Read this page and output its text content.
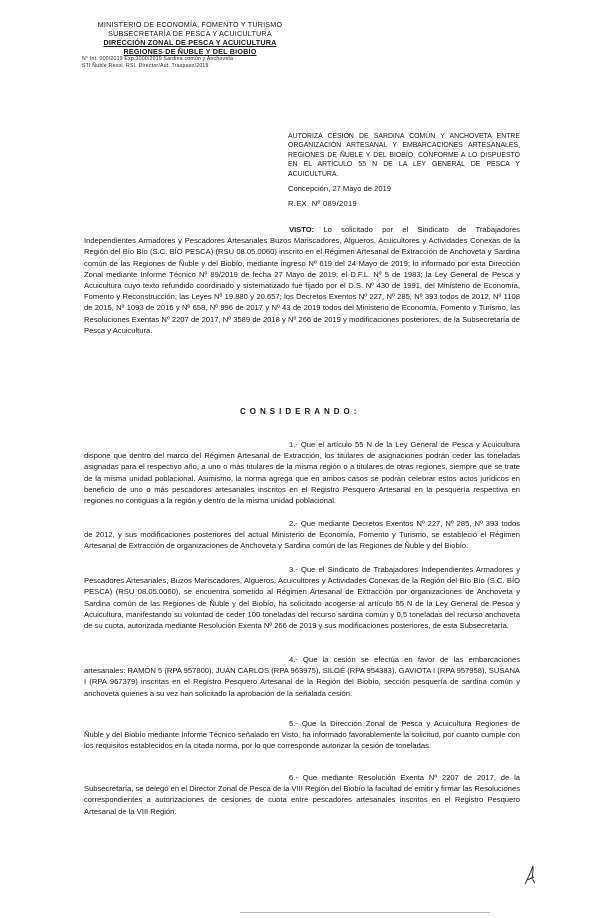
MINISTERIO DE ECONOMÍA, FOMENTO Y TURISMO
SUBSECRETARÍA DE PESCA Y ACUICULTURA
DIRECCIÓN ZONAL DE PESCA Y ACUICULTURA
REGIONES DE ÑUBLE Y DEL BIOBÍO
N° Int. 000/2019 Exp.1000/2019 Sardina común y Anchoveta
STI Ñuble Resol. RSI. Director/Aut. Traspaso/2019
AUTORIZA CESIÓN DE SARDINA COMÚN Y ANCHOVETA ENTRE ORGANIZACIÓN ARTESANAL Y EMBARCACIONES ARTESANALES, REGIONES DE ÑUBLE Y DEL BIOBÍO, CONFORME A LO DISPUESTO EN EL ARTÍCULO 55 N DE LA LEY GENERAL DE PESCA Y ACUICULTURA.
Concepción, 27 Mayo de 2019
R.EX. Nº 089/2019
VISTO: Lo solicitado por el Sindicato de Trabajadores Independientes Armadores y Pescadores Artesanales Buzos Mariscadores, Algueros, Acuicultores y Actividades Conexas de la Región del Bío Bío (S.C. BÍO PESCA) (RSU 08.05.0060) inscrito en el Régimen Artesanal de Extracción de Anchoveta y Sardina común de las Regiones de Ñuble y del Biobío, mediante ingreso Nº 619 del 24 Mayo de 2019; lo informado por esta Dirección Zonal mediante Informe Técnico Nº 89/2019 de fecha 27 Mayo de 2019; el D.F.L. Nº 5 de 1983; la Ley General de Pesca y Acuicultura cuyo texto refundido coordinado y sistematizado fue fijado por el D.S. Nº 430 de 1991, del Ministerio de Economía, Fomento y Reconstrucción; las Leyes Nº 19.880 y 20.657; los Decretos Exentos Nº 227, Nº 285, Nº 393 todos de 2012, Nº 1108 de 2015, Nº 1093 de 2016 y Nº 658, Nº 996 de 2017 y Nº 43 de 2019 todos del Ministerio de Economía, Fomento y Turismo, las Resoluciones Exentas Nº 2207 de 2017, Nº 3589 de 2018 y Nº 266 de 2019 y modificaciones posteriores, de la Subsecretaría de Pesca y Acuicultura.
CONSIDERANDO:
1.- Que el artículo 55 N de la Ley General de Pesca y Acuicultura dispone que dentro del marco del Régimen Artesanal de Extracción, los titulares de asignaciones podrán ceder las toneladas asignadas para el respectivo año, a uno o más titulares de la misma región o a titulares de otras regiones, siempre que se trate de la misma unidad poblacional. Asimismo, la norma agrega que en ambos casos se podrán celebrar estos actos jurídicos en beneficio de uno o más pescadores artesanales inscritos en el Registro Pesquero Artesanal en la pesquería respectiva en regiones no contiguas a la región y dentro de la misma unidad poblacional.
2.- Que mediante Decretos Exentos Nº 227, Nº 285, Nº 393 todos de 2012, y sus modificaciones posteriores del actual Ministerio de Economía, Fomento y Turismo, se estableció el Régimen Artesanal de Extracción de organizaciones de Anchoveta y Sardina común de las Regiones de Ñuble y del Biobío.
3.- Que el Sindicato de Trabajadores Independientes Armadores y Pescadores Artesanales, Buzos Mariscadores, Algueros, Acuicultores y Actividades Conexas de la Región del Bío Bío (S.C. BÍO PESCA) (RSU 08.05.0060), se encuentra sometido al Régimen Artesanal de Extracción por organizaciones de Anchoveta y Sardina común de las Regiones de Ñuble y del Biobío, ha solicitado acogerse al artículo 55 N de la Ley General de Pesca y Acuicultura, manifestando su voluntad de ceder 100 toneladas del recurso sardina común y 0,5 toneladas del recurso anchoveta de su cuota, autorizada mediante Resolución Exenta Nº 266 de 2019 y sus modificaciones posteriores, de esta Subsecretaría.
4.- Que la cesión se efectúa en favor de las embarcaciones artesanales: RAMÓN 5 (RPA 957800), JUAN CARLOS (RPA 963975), SILOÉ (RPA 954383), GAVIOTA I (RPA 957958), SUSANA I (RPA 967379) inscritas en el Registro Pesquero Artesanal de la Región del Biobío, sección pesquería de sardina común y anchoveta quienes a su vez han solicitado la aprobación de la señalada cesión.
5.- Que la Dirección Zonal de Pesca y Acuicultura Regiones de Ñuble y del Biobío mediante Informe Técnico señalado en Visto, ha informado favorablemente la solicitud, por cuanto cumple con los requisitos establecidos en la citada norma, por lo que corresponde autorizar la cesión de toneladas.
6.- Que mediante Resolución Exenta Nº 2207 de 2017, de la Subsecretaría, se delegó en el Director Zonal de Pesca de la VIII Región del Biobío la facultad de emitir y firmar las Resoluciones correspondientes a autorizaciones de cesiones de cuota entre pescadores artesanales inscritos en el Registro Pesquero Artesanal de la VIII Región.
